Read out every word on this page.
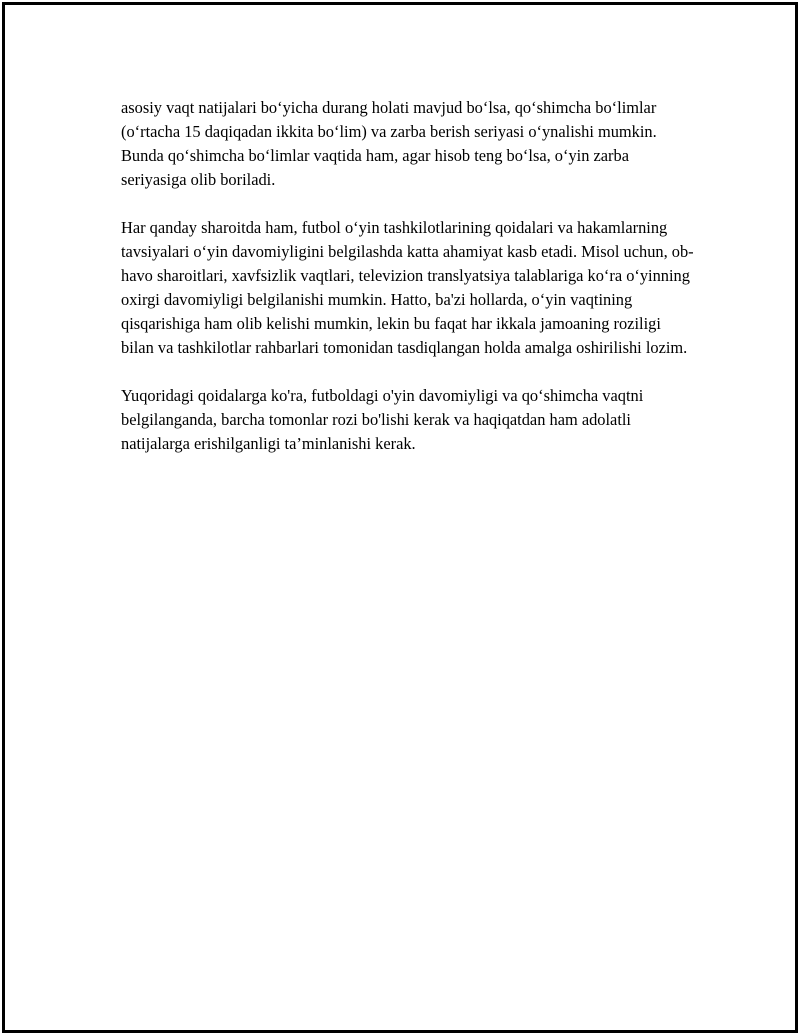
asosiy vaqt natijalari bo‘yicha durang holati mavjud bo‘lsa, qo‘shimcha bo‘limlar (o‘rtacha 15 daqiqadan ikkita bo‘lim) va zarba berish seriyasi o‘ynalishi mumkin. Bunda qo‘shimcha bo‘limlar vaqtida ham, agar hisob teng bo‘lsa, o‘yin zarba seriyasiga olib boriladi.

Har qanday sharoitda ham, futbol o‘yin tashkilotlarining qoidalari va hakamlarning tavsiyalari o‘yin davomiyligini belgilashda katta ahamiyat kasb etadi. Misol uchun, ob-havo sharoitlari, xavfsizlik vaqtlari, televizion translyatsiya talablariga ko‘ra o‘yinning oxirgi davomiyligi belgilanishi mumkin. Hatto, ba'zi hollarda, o‘yin vaqtining qisqarishiga ham olib kelishi mumkin, lekin bu faqat har ikkala jamoaning roziligi bilan va tashkilotlar rahbarlari tomonidan tasdiqlangan holda amalga oshirilishi lozim.

Yuqoridagi qoidalarga ko'ra, futboldagi o'yin davomiyligi va qo‘shimcha vaqtni belgilanganda, barcha tomonlar rozi bo'lishi kerak va haqiqatdan ham adolatli natijalarga erishilganligi ta’minlanishi kerak.
